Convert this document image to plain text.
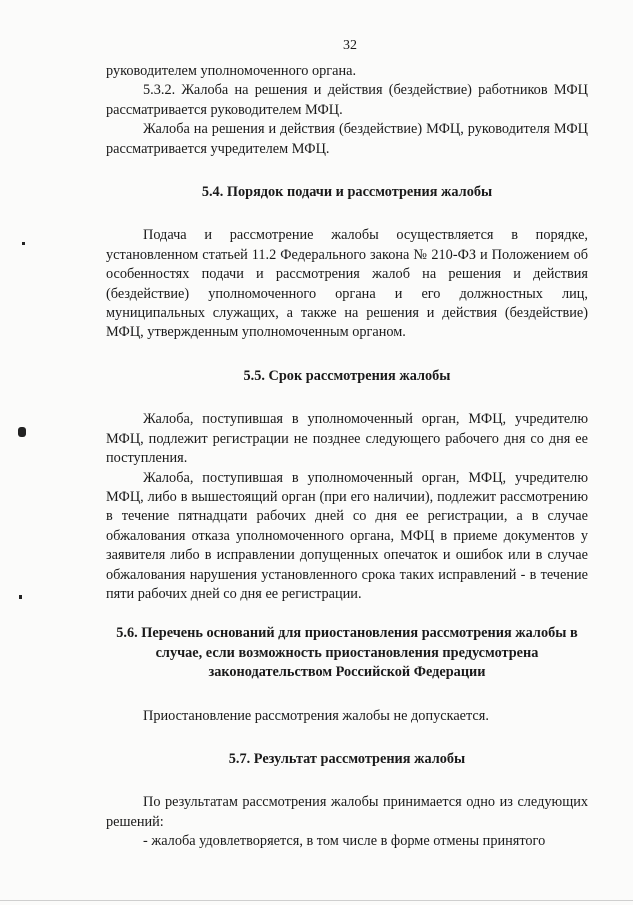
32

руководителем уполномоченного органа.

5.3.2. Жалоба на решения и действия (бездействие) работников МФЦ рассматривается руководителем МФЦ.

Жалоба на решения и действия (бездействие) МФЦ, руководителя МФЦ рассматривается учредителем МФЦ.

5.4. Порядок подачи и рассмотрения жалобы

Подача и рассмотрение жалобы осуществляется в порядке, установленном статьей 11.2 Федерального закона № 210-ФЗ и Положением об особенностях подачи и рассмотрения жалоб на решения и действия (бездействие) уполномоченного органа и его должностных лиц, муниципальных служащих, а также на решения и действия (бездействие) МФЦ, утвержденным уполномоченным органом.

5.5. Срок рассмотрения жалобы

Жалоба, поступившая в уполномоченный орган, МФЦ, учредителю МФЦ, подлежит регистрации не позднее следующего рабочего дня со дня ее поступления.

Жалоба, поступившая в уполномоченный орган, МФЦ, учредителю МФЦ, либо в вышестоящий орган (при его наличии), подлежит рассмотрению в течение пятнадцати рабочих дней со дня ее регистрации, а в случае обжалования отказа уполномоченного органа, МФЦ в приеме документов у заявителя либо в исправлении допущенных опечаток и ошибок или в случае обжалования нарушения установленного срока таких исправлений - в течение пяти рабочих дней со дня ее регистрации.

5.6. Перечень оснований для приостановления рассмотрения жалобы в случае, если возможность приостановления предусмотрена законодательством Российской Федерации

Приостановление рассмотрения жалобы не допускается.

5.7. Результат рассмотрения жалобы

По результатам рассмотрения жалобы принимается одно из следующих решений:

- жалоба удовлетворяется, в том числе в форме отмены принятого
